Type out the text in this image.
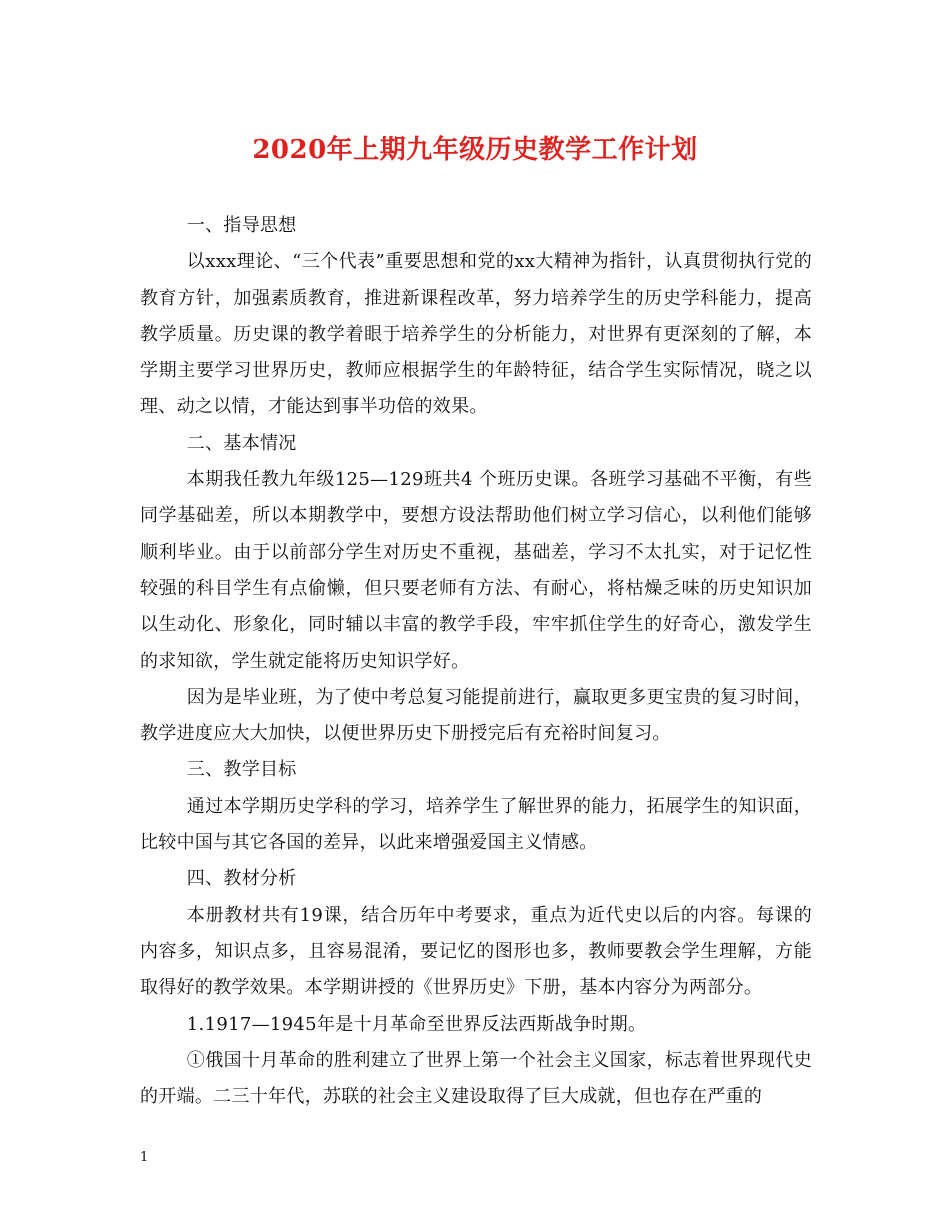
2020年上期九年级历史教学工作计划

一、指导思想

以xxx理论、“三个代表”重要思想和党的xx大精神为指针，认真贯彻执行党的教育方针，加强素质教育，推进新课程改革，努力培养学生的历史学科能力，提高教学质量。历史课的教学着眼于培养学生的分析能力，对世界有更深刻的了解，本学期主要学习世界历史，教师应根据学生的年龄特征，结合学生实际情况，晓之以理、动之以情，才能达到事半功倍的效果。

二、基本情况

本期我任教九年级125—129班共4 个班历史课。各班学习基础不平衡，有些同学基础差，所以本期教学中，要想方设法帮助他们树立学习信心，以利他们能够顺利毕业。由于以前部分学生对历史不重视，基础差，学习不太扎实，对于记忆性较强的科目学生有点偷懒，但只要老师有方法、有耐心，将枯燥乏味的历史知识加以生动化、形象化，同时辅以丰富的教学手段，牢牢抓住学生的好奇心，激发学生的求知欲，学生就定能将历史知识学好。

因为是毕业班，为了使中考总复习能提前进行，赢取更多更宝贵的复习时间，教学进度应大大加快，以便世界历史下册授完后有充裕时间复习。

三、教学目标

通过本学期历史学科的学习，培养学生了解世界的能力，拓展学生的知识面，比较中国与其它各国的差异，以此来增强爱国主义情感。

四、教材分析

本册教材共有19课，结合历年中考要求，重点为近代史以后的内容。每课的内容多，知识点多，且容易混淆，要记忆的图形也多，教师要教会学生理解，方能取得好的教学效果。本学期讲授的《世界历史》下册，基本内容分为两部分。

1.1917—1945年是十月革命至世界反法西斯战争时期。

①俄国十月革命的胜利建立了世界上第一个社会主义国家，标志着世界现代史的开端。二三十年代，苏联的社会主义建设取得了巨大成就，但也存在严重的

1
